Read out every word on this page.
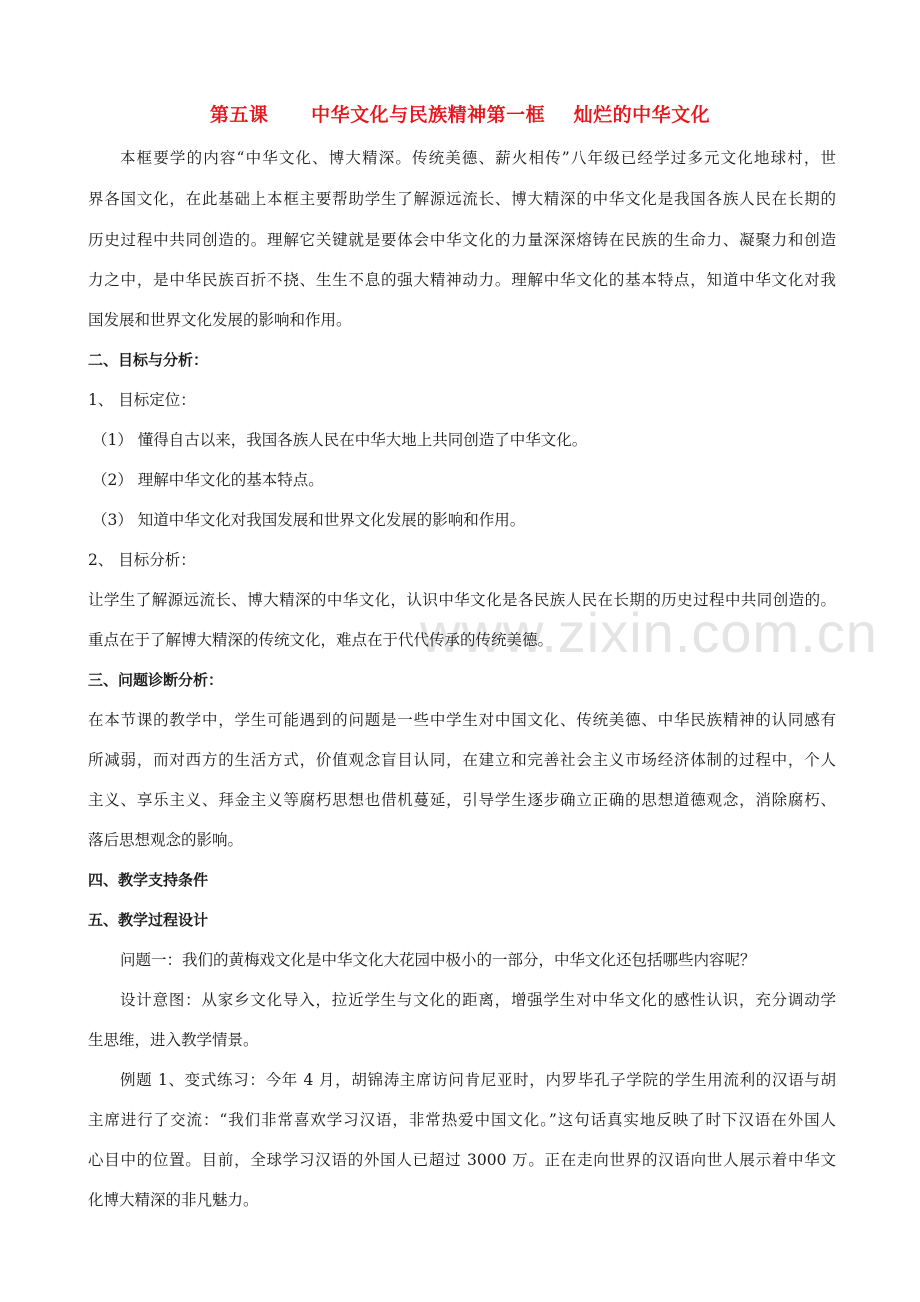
www.zixin.com.cn
第五课      中华文化与民族精神第一框    灿烂的中华文化
本框要学的内容“中华文化、博大精深。传统美德、薪火相传”八年级已经学过多元文化地球村，世
界各国文化，在此基础上本框主要帮助学生了解源远流长、博大精深的中华文化是我国各族人民在长期的
历史过程中共同创造的。理解它关键就是要体会中华文化的力量深深熔铸在民族的生命力、凝聚力和创造
力之中，是中华民族百折不挠、生生不息的强大精神动力。理解中华文化的基本特点，知道中华文化对我
国发展和世界文化发展的影响和作用。
二、目标与分析：
1、 目标定位：
（1） 懂得自古以来，我国各族人民在中华大地上共同创造了中华文化。
（2） 理解中华文化的基本特点。
（3） 知道中华文化对我国发展和世界文化发展的影响和作用。
2、 目标分析：
让学生了解源远流长、博大精深的中华文化，认识中华文化是各民族人民在长期的历史过程中共同创造的。
重点在于了解博大精深的传统文化，难点在于代代传承的传统美德。
三、问题诊断分析：
在本节课的教学中，学生可能遇到的问题是一些中学生对中国文化、传统美德、中华民族精神的认同感有
所减弱，而对西方的生活方式，价值观念盲目认同，在建立和完善社会主义市场经济体制的过程中，个人
主义、享乐主义、拜金主义等腐朽思想也借机蔓延，引导学生逐步确立正确的思想道德观念，消除腐朽、
落后思想观念的影响。
四、教学支持条件
五、教学过程设计
问题一：我们的黄梅戏文化是中华文化大花园中极小的一部分，中华文化还包括哪些内容呢？
设计意图：从家乡文化导入，拉近学生与文化的距离，增强学生对中华文化的感性认识，充分调动学
生思维，进入教学情景。
例题 1、变式练习：今年 4 月，胡锦涛主席访问肯尼亚时，内罗毕孔子学院的学生用流利的汉语与胡
主席进行了交流：“我们非常喜欢学习汉语，非常热爱中国文化。”这句话真实地反映了时下汉语在外国人
心目中的位置。目前，全球学习汉语的外国人已超过 3000 万。正在走向世界的汉语向世人展示着中华文
化博大精深的非凡魅力。
